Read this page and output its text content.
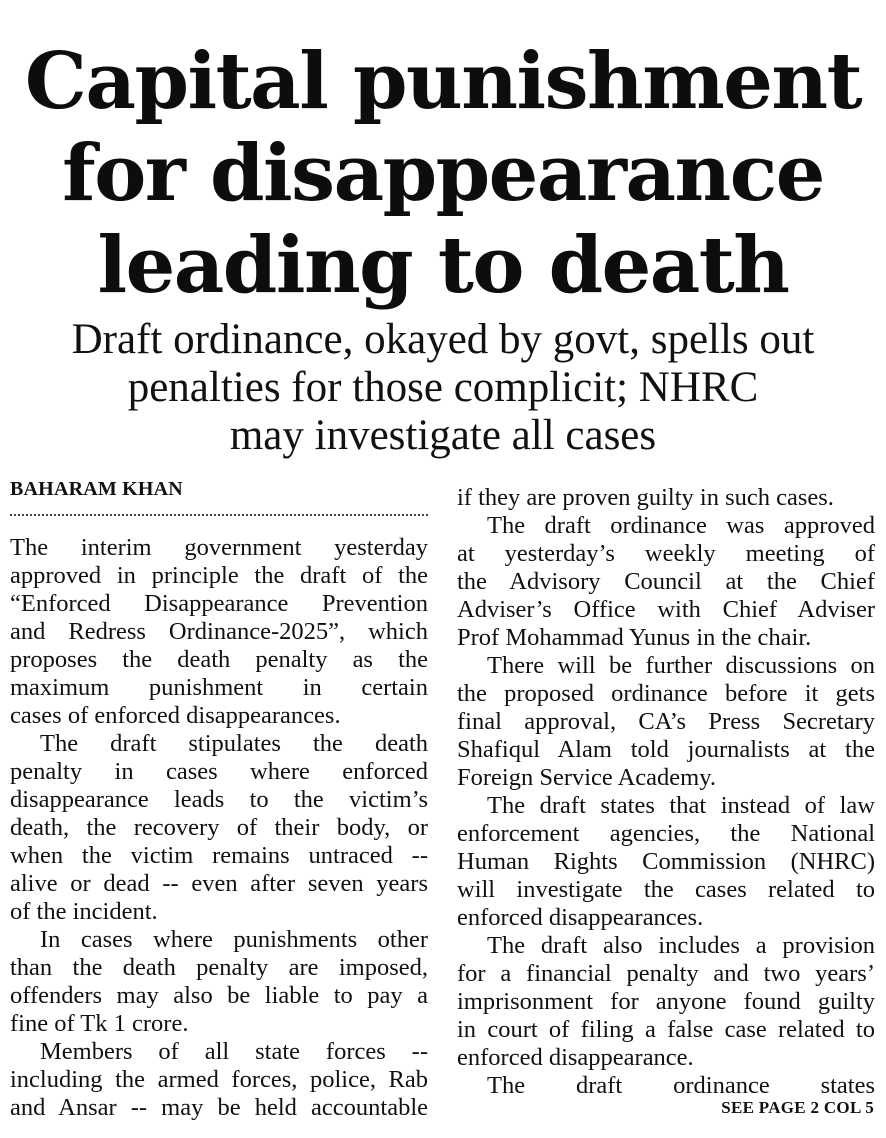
Capital punishment
for disappearance
leading to death
Draft ordinance, okayed by govt, spells out
penalties for those complicit; NHRC
may investigate all cases
BAHARAM KHAN
The interim government yesterday
approved in principle the draft of the
“Enforced Disappearance Prevention
and Redress Ordinance-2025”, which
proposes the death penalty as the
maximum punishment in certain
cases of enforced disappearances.
The draft stipulates the death
penalty in cases where enforced
disappearance leads to the victim’s
death, the recovery of their body, or
when the victim remains untraced --
alive or dead -- even after seven years
of the incident.
In cases where punishments other
than the death penalty are imposed,
offenders may also be liable to pay a
fine of Tk 1 crore.
Members of all state forces --
including the armed forces, police, Rab
and Ansar -- may be held accountable
if they are proven guilty in such cases.
The draft ordinance was approved
at yesterday’s weekly meeting of
the Advisory Council at the Chief
Adviser’s Office with Chief Adviser
Prof Mohammad Yunus in the chair.
There will be further discussions on
the proposed ordinance before it gets
final approval, CA’s Press Secretary
Shafiqul Alam told journalists at the
Foreign Service Academy.
The draft states that instead of law
enforcement agencies, the National
Human Rights Commission (NHRC)
will investigate the cases related to
enforced disappearances.
The draft also includes a provision
for a financial penalty and two years’
imprisonment for anyone found guilty
in court of filing a false case related to
enforced disappearance.
The draft ordinance states
SEE PAGE 2 COL 5
